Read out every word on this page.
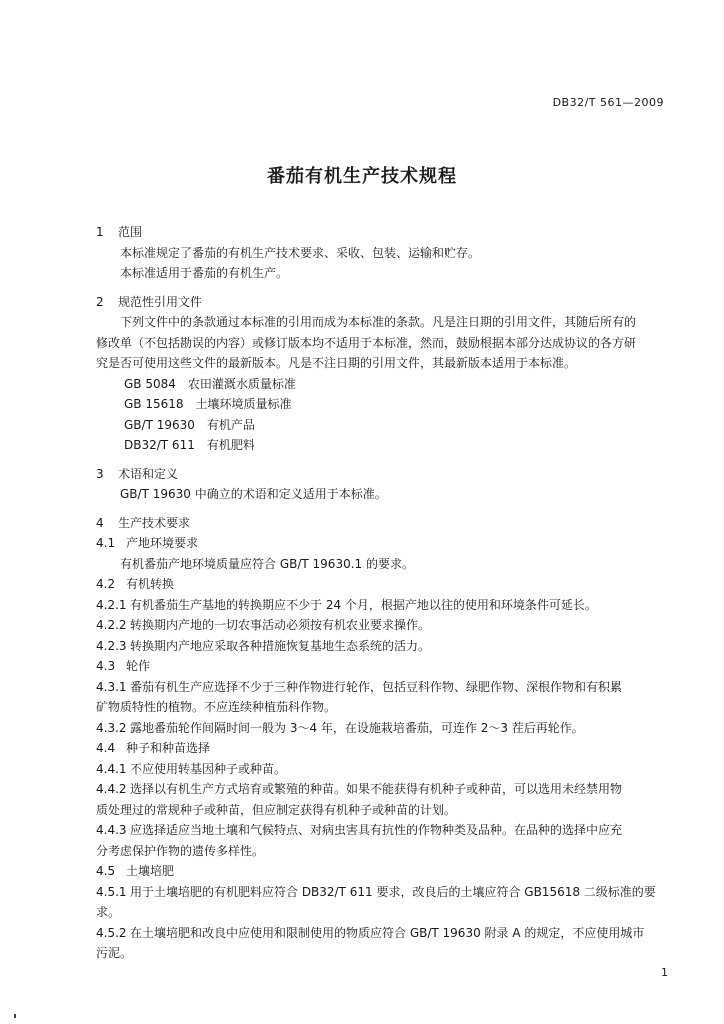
DB32/T 561—2009
番茄有机生产技术规程
1 范围

本标准规定了番茄的有机生产技术要求、采收、包装、运输和贮存。

本标准适用于番茄的有机生产。

2 规范性引用文件

下列文件中的条款通过本标准的引用而成为本标准的条款。凡是注日期的引用文件，其随后所有的

修改单（不包括勘误的内容）或修订版本均不适用于本标准，然而，鼓励根据本部分达成协议的各方研

究是否可使用这些文件的最新版本。凡是不注日期的引用文件，其最新版本适用于本标准。

GB 5084　农田灌溉水质量标准

GB 15618　土壤环境质量标准

GB/T 19630　有机产品

DB32/T 611　有机肥料

3 术语和定义

GB/T 19630 中确立的术语和定义适用于本标准。

4 生产技术要求
4.1 产地环境要求

有机番茄产地环境质量应符合 GB/T 19630.1 的要求。

4.2 有机转换
4.2.1 有机番茄生产基地的转换期应不少于 24 个月，根据产地以往的使用和环境条件可延长。
4.2.2 转换期内产地的一切农事活动必须按有机农业要求操作。
4.2.3 转换期内产地应采取各种措施恢复基地生态系统的活力。
4.3 轮作
4.3.1 番茄有机生产应选择不少于三种作物进行轮作，包括豆科作物、绿肥作物、深根作物和有积累

矿物质特性的植物。不应连续种植茄科作物。

4.3.2 露地番茄轮作间隔时间一般为 3～4 年，在设施栽培番茄，可连作 2～3 茬后再轮作。
4.4 种子和种苗选择
4.4.1 不应使用转基因种子或种苗。
4.4.2 选择以有机生产方式培育或繁殖的种苗。如果不能获得有机种子或种苗，可以选用未经禁用物

质处理过的常规种子或种苗，但应制定获得有机种子或种苗的计划。

4.4.3 应选择适应当地土壤和气候特点、对病虫害具有抗性的作物种类及品种。在品种的选择中应充

分考虑保护作物的遗传多样性。

4.5 土壤培肥
4.5.1 用于土壤培肥的有机肥料应符合 DB32/T 611 要求，改良后的土壤应符合 GB15618 二级标准的要

求。

4.5.2 在土壤培肥和改良中应使用和限制使用的物质应符合 GB/T 19630 附录 A 的规定，不应使用城市

污泥。

1
